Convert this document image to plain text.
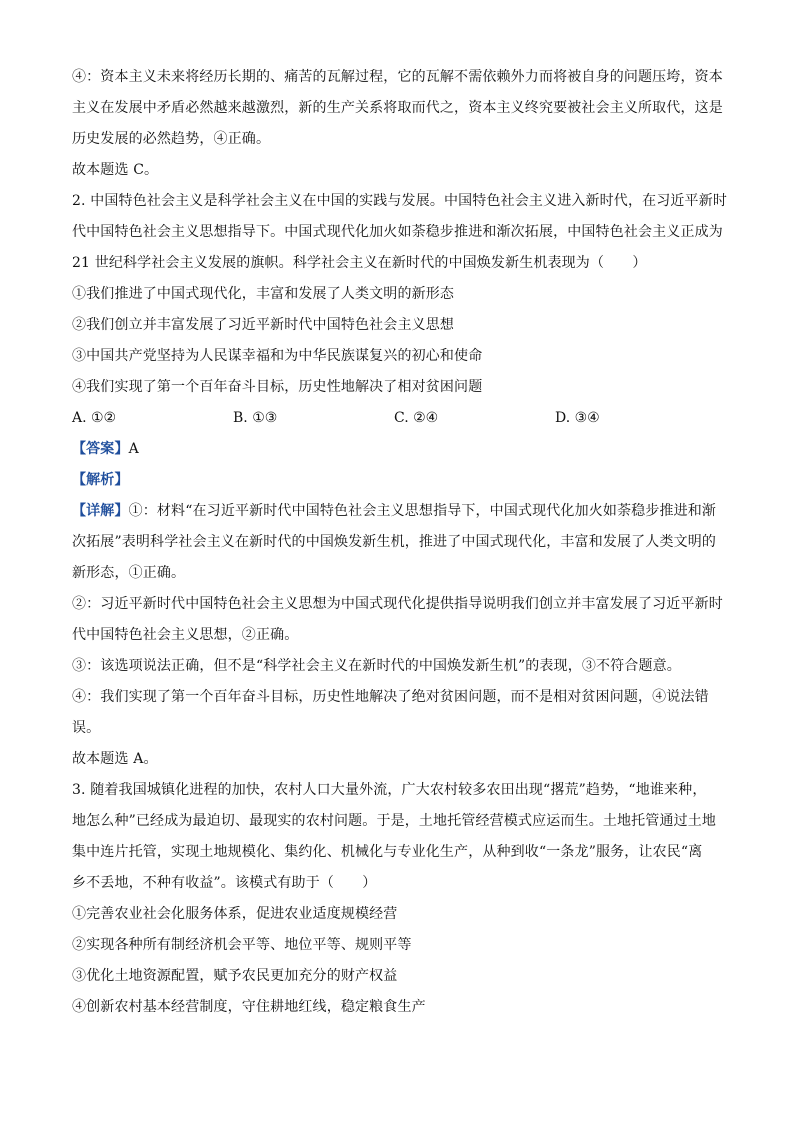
④：资本主义未来将经历长期的、痛苦的瓦解过程，它的瓦解不需依赖外力而将被自身的问题压垮，资本
主义在发展中矛盾必然越来越激烈，新的生产关系将取而代之，资本主义终究要被社会主义所取代，这是
历史发展的必然趋势，④正确。
故本题选 C。
2. 中国特色社会主义是科学社会主义在中国的实践与发展。中国特色社会主义进入新时代，在习近平新时
代中国特色社会主义思想指导下。中国式现代化加火如荼稳步推进和渐次拓展，中国特色社会主义正成为
21 世纪科学社会主义发展的旗帜。科学社会主义在新时代的中国焕发新生机表现为（　　）
①我们推进了中国式现代化，丰富和发展了人类文明的新形态
②我们创立并丰富发展了习近平新时代中国特色社会主义思想
③中国共产党坚持为人民谋幸福和为中华民族谋复兴的初心和使命
④我们实现了第一个百年奋斗目标，历史性地解决了相对贫困问题
A. ①②	B. ①③	C. ②④	D. ③④
【答案】A
【解析】
【详解】①：材料“在习近平新时代中国特色社会主义思想指导下，中国式现代化加火如荼稳步推进和渐
次拓展”表明科学社会主义在新时代的中国焕发新生机，推进了中国式现代化，丰富和发展了人类文明的
新形态，①正确。
②：习近平新时代中国特色社会主义思想为中国式现代化提供指导说明我们创立并丰富发展了习近平新时
代中国特色社会主义思想，②正确。
③：该选项说法正确，但不是“科学社会主义在新时代的中国焕发新生机”的表现，③不符合题意。
④：我们实现了第一个百年奋斗目标，历史性地解决了绝对贫困问题，而不是相对贫困问题，④说法错
误。
故本题选 A。
3. 随着我国城镇化进程的加快，农村人口大量外流，广大农村较多农田出现“撂荒”趋势，“地谁来种，
地怎么种”已经成为最迫切、最现实的农村问题。于是，土地托管经营模式应运而生。土地托管通过土地
集中连片托管，实现土地规模化、集约化、机械化与专业化生产，从种到收“一条龙”服务，让农民“离
乡不丢地，不种有收益”。该模式有助于（　　）
①完善农业社会化服务体系，促进农业适度规模经营
②实现各种所有制经济机会平等、地位平等、规则平等
③优化土地资源配置，赋予农民更加充分的财产权益
④创新农村基本经营制度，守住耕地红线，稳定粮食生产
